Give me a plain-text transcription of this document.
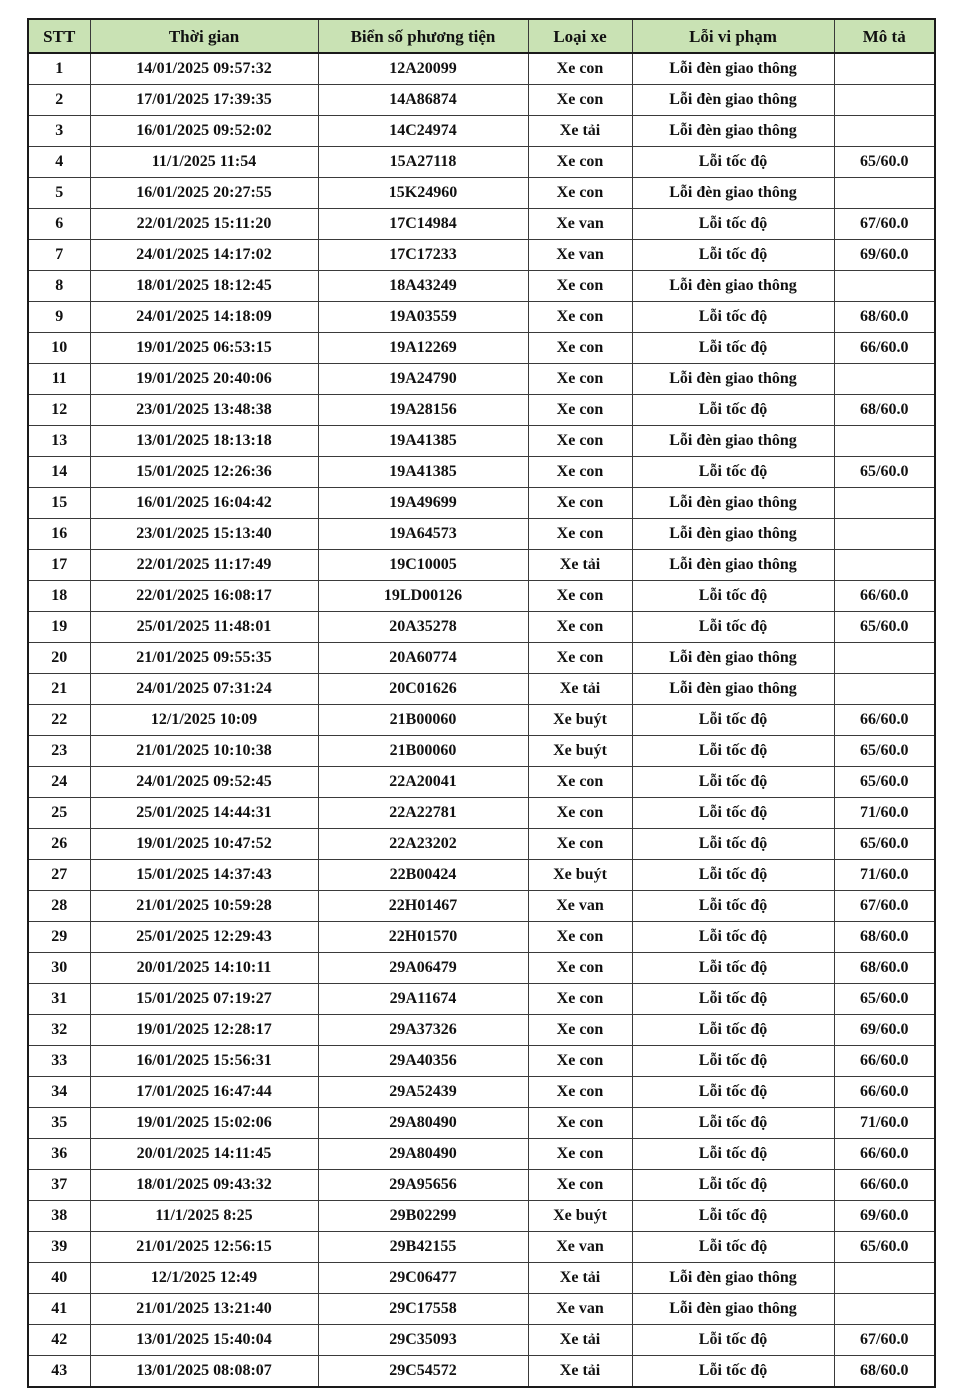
STT	Thời gian	Biển số phương tiện	Loại xe	Lỗi vi phạm	Mô tả
1	14/01/2025 09:57:32	12A20099	Xe con	Lỗi đèn giao thông	
2	17/01/2025 17:39:35	14A86874	Xe con	Lỗi đèn giao thông	
3	16/01/2025 09:52:02	14C24974	Xe tải	Lỗi đèn giao thông	
4	11/1/2025 11:54	15A27118	Xe con	Lỗi tốc độ	65/60.0
5	16/01/2025 20:27:55	15K24960	Xe con	Lỗi đèn giao thông	
6	22/01/2025 15:11:20	17C14984	Xe van	Lỗi tốc độ	67/60.0
7	24/01/2025 14:17:02	17C17233	Xe van	Lỗi tốc độ	69/60.0
8	18/01/2025 18:12:45	18A43249	Xe con	Lỗi đèn giao thông	
9	24/01/2025 14:18:09	19A03559	Xe con	Lỗi tốc độ	68/60.0
10	19/01/2025 06:53:15	19A12269	Xe con	Lỗi tốc độ	66/60.0
11	19/01/2025 20:40:06	19A24790	Xe con	Lỗi đèn giao thông	
12	23/01/2025 13:48:38	19A28156	Xe con	Lỗi tốc độ	68/60.0
13	13/01/2025 18:13:18	19A41385	Xe con	Lỗi đèn giao thông	
14	15/01/2025 12:26:36	19A41385	Xe con	Lỗi tốc độ	65/60.0
15	16/01/2025 16:04:42	19A49699	Xe con	Lỗi đèn giao thông	
16	23/01/2025 15:13:40	19A64573	Xe con	Lỗi đèn giao thông	
17	22/01/2025 11:17:49	19C10005	Xe tải	Lỗi đèn giao thông	
18	22/01/2025 16:08:17	19LD00126	Xe con	Lỗi tốc độ	66/60.0
19	25/01/2025 11:48:01	20A35278	Xe con	Lỗi tốc độ	65/60.0
20	21/01/2025 09:55:35	20A60774	Xe con	Lỗi đèn giao thông	
21	24/01/2025 07:31:24	20C01626	Xe tải	Lỗi đèn giao thông	
22	12/1/2025 10:09	21B00060	Xe buýt	Lỗi tốc độ	66/60.0
23	21/01/2025 10:10:38	21B00060	Xe buýt	Lỗi tốc độ	65/60.0
24	24/01/2025 09:52:45	22A20041	Xe con	Lỗi tốc độ	65/60.0
25	25/01/2025 14:44:31	22A22781	Xe con	Lỗi tốc độ	71/60.0
26	19/01/2025 10:47:52	22A23202	Xe con	Lỗi tốc độ	65/60.0
27	15/01/2025 14:37:43	22B00424	Xe buýt	Lỗi tốc độ	71/60.0
28	21/01/2025 10:59:28	22H01467	Xe van	Lỗi tốc độ	67/60.0
29	25/01/2025 12:29:43	22H01570	Xe con	Lỗi tốc độ	68/60.0
30	20/01/2025 14:10:11	29A06479	Xe con	Lỗi tốc độ	68/60.0
31	15/01/2025 07:19:27	29A11674	Xe con	Lỗi tốc độ	65/60.0
32	19/01/2025 12:28:17	29A37326	Xe con	Lỗi tốc độ	69/60.0
33	16/01/2025 15:56:31	29A40356	Xe con	Lỗi tốc độ	66/60.0
34	17/01/2025 16:47:44	29A52439	Xe con	Lỗi tốc độ	66/60.0
35	19/01/2025 15:02:06	29A80490	Xe con	Lỗi tốc độ	71/60.0
36	20/01/2025 14:11:45	29A80490	Xe con	Lỗi tốc độ	66/60.0
37	18/01/2025 09:43:32	29A95656	Xe con	Lỗi tốc độ	66/60.0
38	11/1/2025 8:25	29B02299	Xe buýt	Lỗi tốc độ	69/60.0
39	21/01/2025 12:56:15	29B42155	Xe van	Lỗi tốc độ	65/60.0
40	12/1/2025 12:49	29C06477	Xe tải	Lỗi đèn giao thông	
41	21/01/2025 13:21:40	29C17558	Xe van	Lỗi đèn giao thông	
42	13/01/2025 15:40:04	29C35093	Xe tải	Lỗi tốc độ	67/60.0
43	13/01/2025 08:08:07	29C54572	Xe tải	Lỗi tốc độ	68/60.0
